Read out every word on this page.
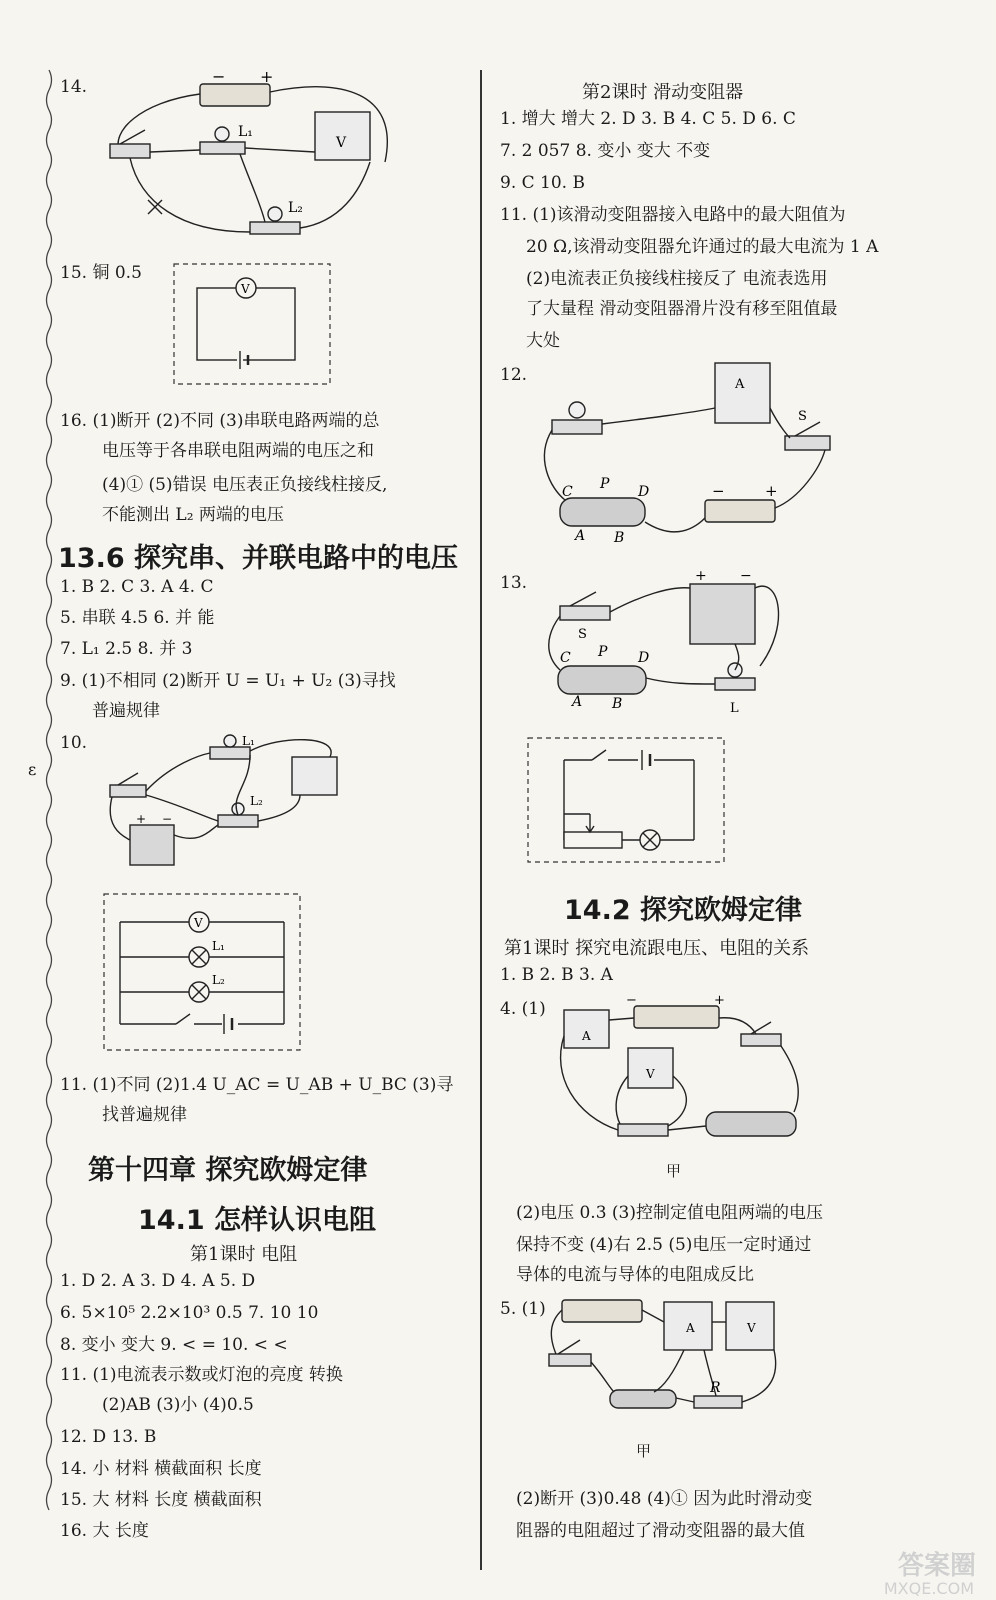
ε
14.
− +
L₁
L₂
V
15. 铜 0.5
V
16. (1)断开 (2)不同 (3)串联电路两端的总
电压等于各串联电阻两端的电压之和
(4)① (5)错误 电压表正负接线柱接反,
不能测出 L₂ 两端的电压
13.6 探究串、并联电路中的电压
1. B 2. C 3. A 4. C
5. 串联 4.5 6. 并 能
7. L₁ 2.5 8. 并 3
9. (1)不相同 (2)断开 U = U₁ + U₂ (3)寻找
普遍规律
10.	L₁
L₂
+ −
V
L₁
L₂
11. (1)不同 (2)1.4 U_AC = U_AB + U_BC (3)寻
找普遍规律
第十四章 探究欧姆定律
14.1 怎样认识电阻
第1课时 电阻
1. D 2. A 3. D 4. A 5. D
6. 5×10⁵ 2.2×10³ 0.5 7. 10 10
8. 变小 变大 9. < = 10. < <
11. (1)电流表示数或灯泡的亮度 转换
(2)AB (3)小 (4)0.5
12. D 13. B
14. 小 材料 横截面积 长度
15. 大 材料 长度 横截面积
16. 大 长度
第2课时 滑动变阻器
1. 增大 增大 2. D 3. B 4. C 5. D 6. C
7. 2 057 8. 变小 变大 不变
9. C 10. B
11. (1)该滑动变阻器接入电路中的最大阻值为
20 Ω,该滑动变阻器允许通过的最大电流为 1 A
(2)电流表正负接线柱接反了 电流表选用
了大量程 滑动变阻器滑片没有移至阻值最
大处
12.	A
S
C P D
A B
−	+
13.
S
+ −
C P D
A B	L
14.2 探究欧姆定律
第1课时 探究电流跟电压、电阻的关系
1. B 2. B 3. A
4. (1)
A
V
−	+
甲
(2)电压 0.3 (3)控制定值电阻两端的电压
保持不变 (4)右 2.5 (5)电压一定时通过
导体的电流与导体的电阻成反比
5. (1)
A	V
R
甲
(2)断开 (3)0.48 (4)① 因为此时滑动变
阻器的电阻超过了滑动变阻器的最大值
答案圈
MXQE.COM
